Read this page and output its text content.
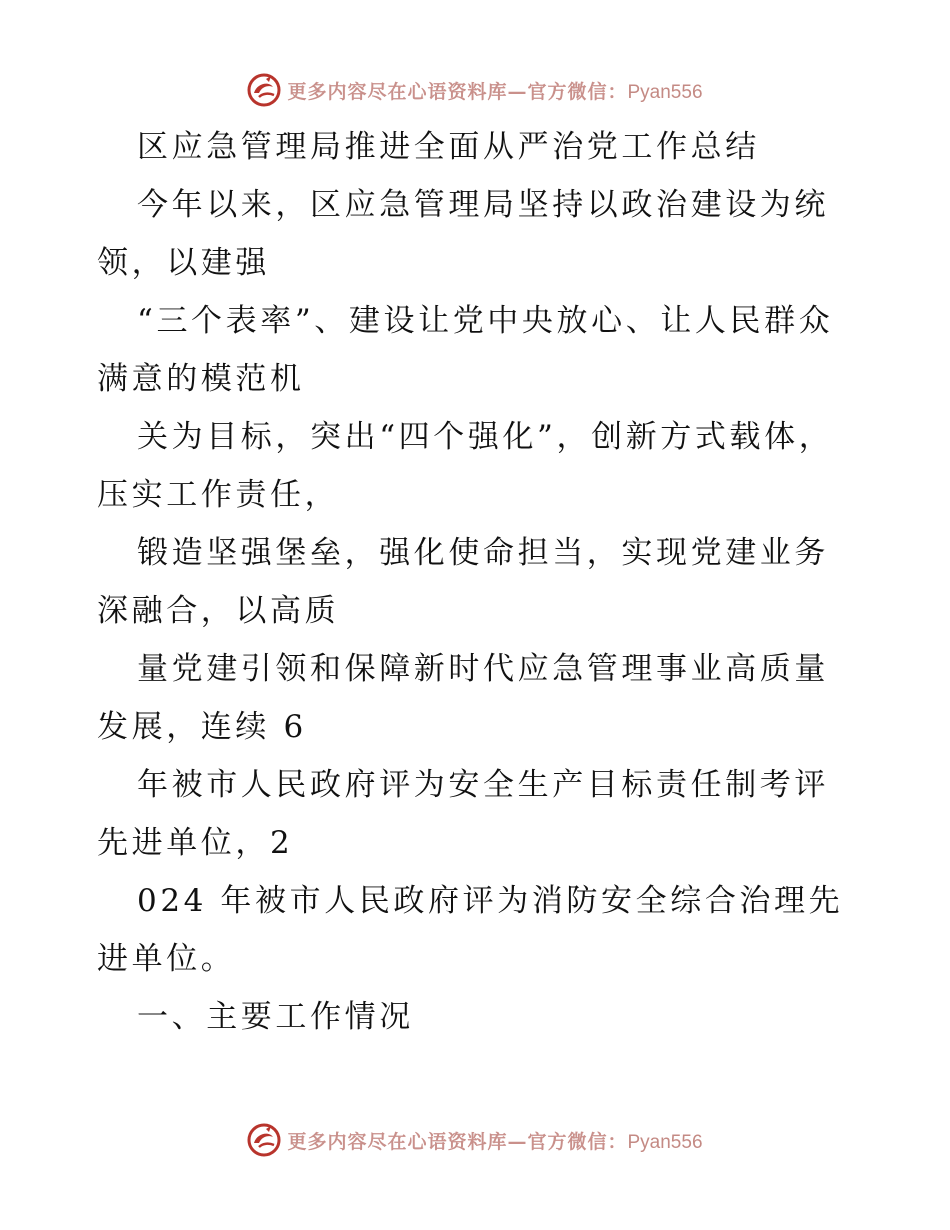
更多内容尽在心语资料库—官方微信：Pyan556

区应急管理局推进全面从严治党工作总结

今年以来，区应急管理局坚持以政治建设为统领，以建强

“三个表率”、建设让党中央放心、让人民群众满意的模范机

关为目标，突出“四个强化”，创新方式载体，压实工作责任，

锻造坚强堡垒，强化使命担当，实现党建业务深融合，以高质

量党建引领和保障新时代应急管理事业高质量发展，连续 6

年被市人民政府评为安全生产目标责任制考评先进单位，2

024 年被市人民政府评为消防安全综合治理先进单位。

一、主要工作情况

更多内容尽在心语资料库—官方微信：Pyan556
